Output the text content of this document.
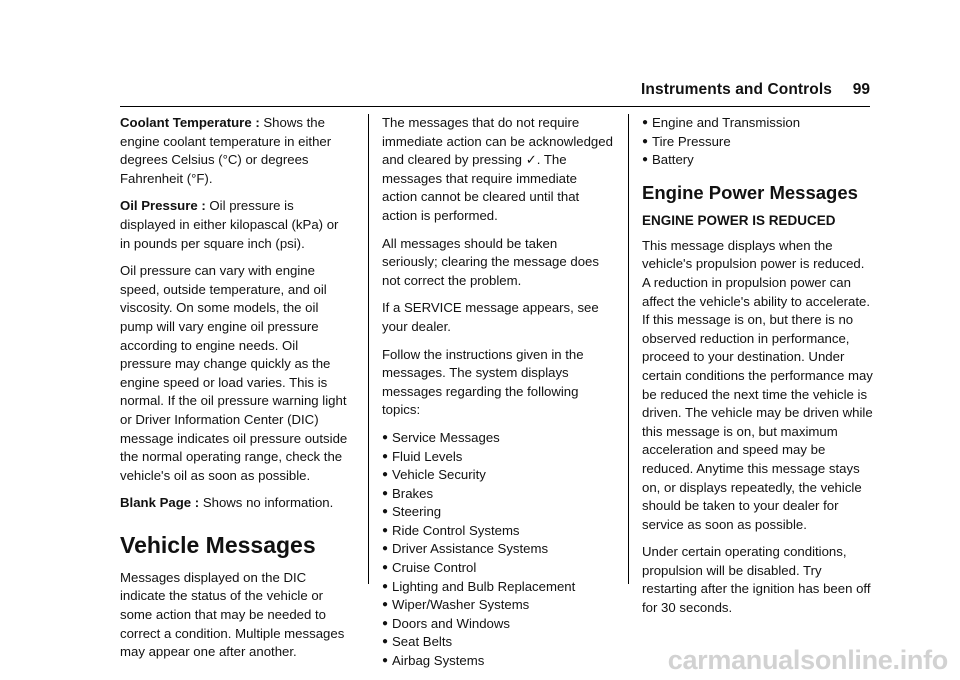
Instruments and Controls 99

Coolant Temperature : Shows the engine coolant temperature in either degrees Celsius (°C) or degrees Fahrenheit (°F).

Oil Pressure : Oil pressure is displayed in either kilopascal (kPa) or in pounds per square inch (psi).

Oil pressure can vary with engine speed, outside temperature, and oil viscosity. On some models, the oil pump will vary engine oil pressure according to engine needs. Oil pressure may change quickly as the engine speed or load varies. This is normal. If the oil pressure warning light or Driver Information Center (DIC) message indicates oil pressure outside the normal operating range, check the vehicle's oil as soon as possible.

Blank Page : Shows no information.

Vehicle Messages

Messages displayed on the DIC indicate the status of the vehicle or some action that may be needed to correct a condition. Multiple messages may appear one after another.

The messages that do not require immediate action can be acknowledged and cleared by pressing ✓. The messages that require immediate action cannot be cleared until that action is performed.

All messages should be taken seriously; clearing the message does not correct the problem.

If a SERVICE message appears, see your dealer.

Follow the instructions given in the messages. The system displays messages regarding the following topics:

● Service Messages
● Fluid Levels
● Vehicle Security
● Brakes
● Steering
● Ride Control Systems
● Driver Assistance Systems
● Cruise Control
● Lighting and Bulb Replacement
● Wiper/Washer Systems
● Doors and Windows
● Seat Belts
● Airbag Systems
● Engine and Transmission
● Tire Pressure
● Battery
Engine Power Messages
ENGINE POWER IS REDUCED

This message displays when the vehicle's propulsion power is reduced. A reduction in propulsion power can affect the vehicle's ability to accelerate. If this message is on, but there is no observed reduction in performance, proceed to your destination. Under certain conditions the performance may be reduced the next time the vehicle is driven. The vehicle may be driven while this message is on, but maximum acceleration and speed may be reduced. Anytime this message stays on, or displays repeatedly, the vehicle should be taken to your dealer for service as soon as possible.

Under certain operating conditions, propulsion will be disabled. Try restarting after the ignition has been off for 30 seconds.

carmanualsonline.info
